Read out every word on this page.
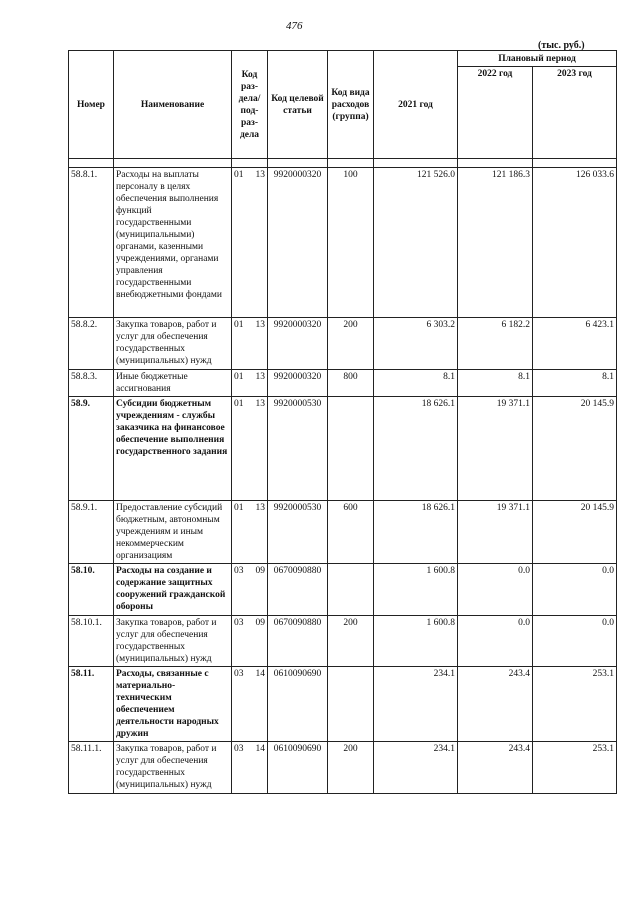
476
(тыс. руб.)
Номер	Наименование	Код раз-дела/ под-раз-дела	Код целевой статьи	Код вида расходов (группа)	2021 год	Плановый период	
						2022 год	2023 год

58.8.1.	Расходы на выплаты персоналу в целях обеспечения выполнения функций государственными (муниципальными) органами, казенными учреждениями, органами управления государственными внебюджетными фондами	01 13	9920000320	100	121 526.0	121 186.3	126 033.6
58.8.2.	Закупка товаров, работ и услуг для обеспечения государственных (муниципальных) нужд	01 13	9920000320	200	6 303.2	6 182.2	6 423.1
58.8.3.	Иные бюджетные ассигнования	01 13	9920000320	800	8.1	8.1	8.1
58.9.	Субсидии бюджетным учреждениям - службы заказчика на финансовое обеспечение выполнения государственного задания	01 13	9920000530		18 626.1	19 371.1	20 145.9
58.9.1.	Предоставление субсидий бюджетным, автономным учреждениям и иным некоммерческим организациям	01 13	9920000530	600	18 626.1	19 371.1	20 145.9
58.10.	Расходы на создание и содержание защитных сооружений гражданской обороны	03 09	0670090880		1 600.8	0.0	0.0
58.10.1.	Закупка товаров, работ и услуг для обеспечения государственных (муниципальных) нужд	03 09	0670090880	200	1 600.8	0.0	0.0
58.11.	Расходы, связанные с материально-техническим обеспечением деятельности народных дружин	03 14	0610090690		234.1	243.4	253.1
58.11.1.	Закупка товаров, работ и услуг для обеспечения государственных (муниципальных) нужд	03 14	0610090690	200	234.1	243.4	253.1
